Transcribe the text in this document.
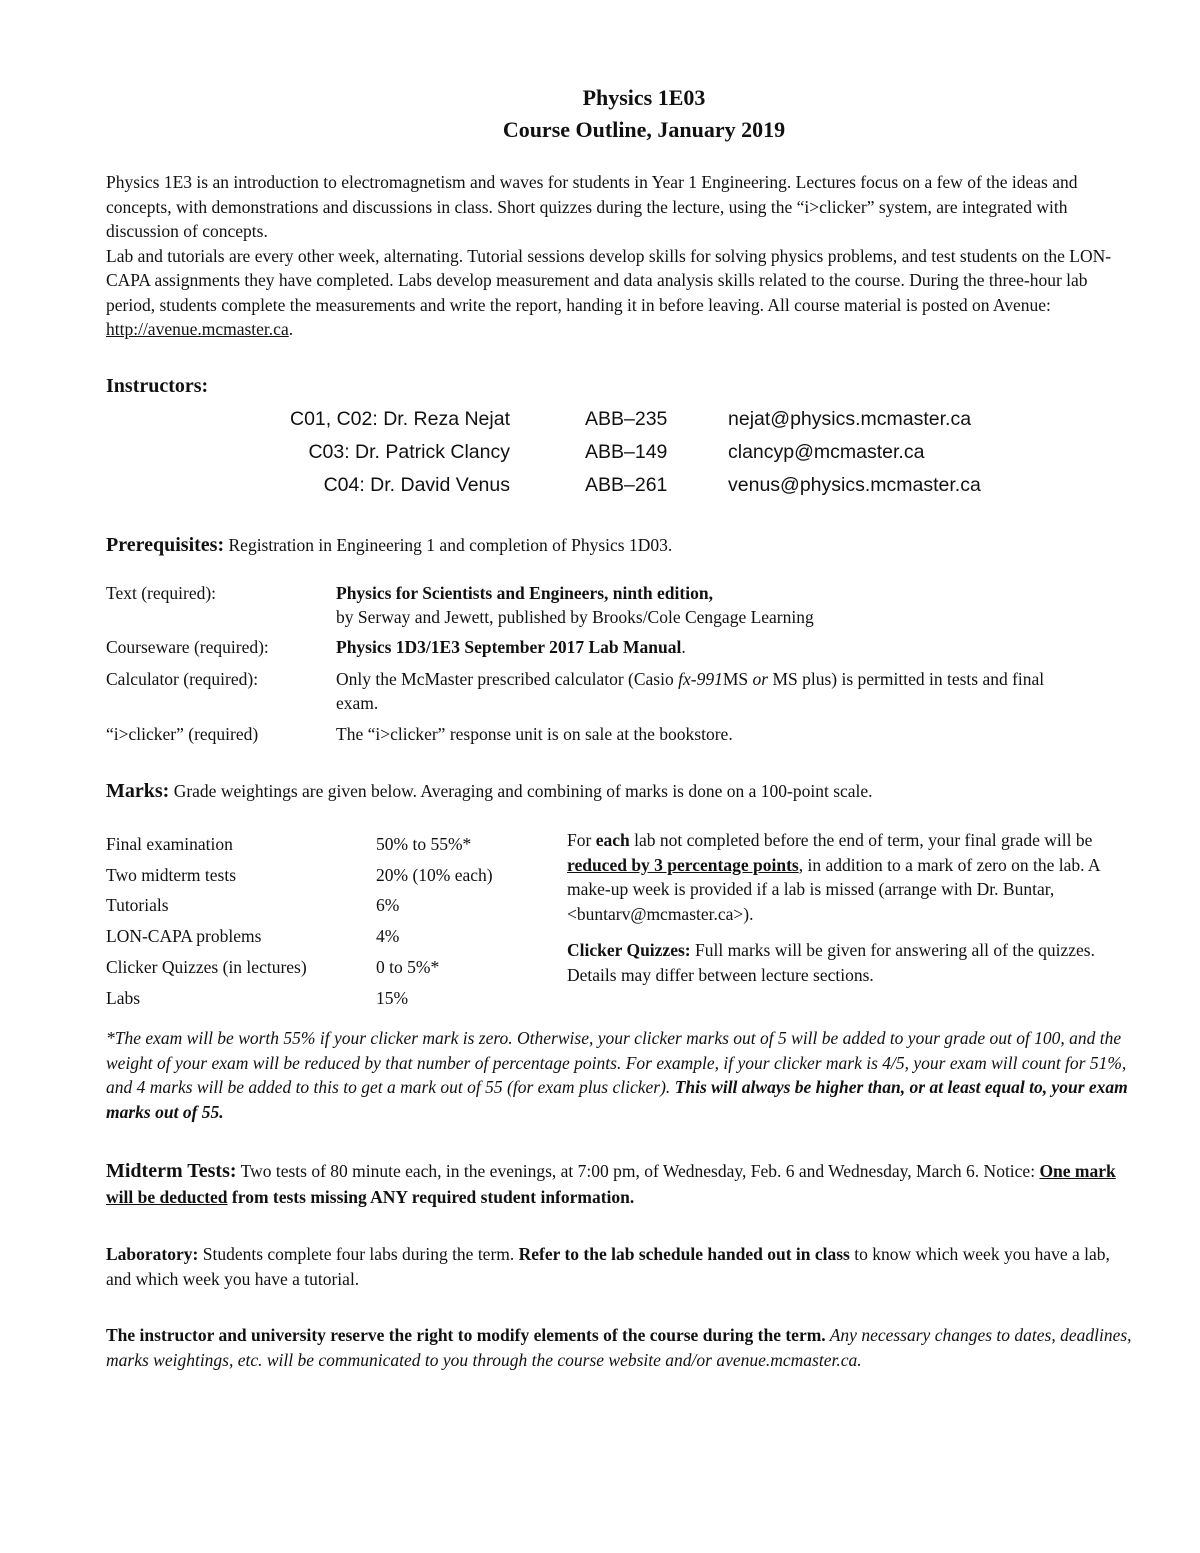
Physics 1E03
Course Outline, January 2019
Physics 1E3 is an introduction to electromagnetism and waves for students in Year 1 Engineering. Lectures focus on a few of the ideas and concepts, with demonstrations and discussions in class. Short quizzes during the lecture, using the “i>clicker” system, are integrated with discussion of concepts.
Lab and tutorials are every other week, alternating. Tutorial sessions develop skills for solving physics problems, and test students on the LON-CAPA assignments they have completed. Labs develop measurement and data analysis skills related to the course. During the three-hour lab period, students complete the measurements and write the report, handing it in before leaving. All course material is posted on Avenue: http://avenue.mcmaster.ca.
Instructors:
C01, C02: Dr. Reza Nejat	ABB–235	nejat@physics.mcmaster.ca
C03: Dr. Patrick Clancy	ABB–149	clancyp@mcmaster.ca
C04: Dr. David Venus	ABB–261	venus@physics.mcmaster.ca
Prerequisites: Registration in Engineering 1 and completion of Physics 1D03.
Text (required):	Physics for Scientists and Engineers, ninth edition,
by Serway and Jewett, published by Brooks/Cole Cengage Learning
Courseware (required):	Physics 1D3/1E3 September 2017 Lab Manual.
Calculator (required):	Only the McMaster prescribed calculator (Casio fx-991MS or MS plus) is permitted in tests and final exam.
“i>clicker” (required)	The “i>clicker” response unit is on sale at the bookstore.
Marks: Grade weightings are given below. Averaging and combining of marks is done on a 100-point scale.
Final examination	50% to 55%*
Two midterm tests	20% (10% each)
Tutorials	6%
LON-CAPA problems	4%
Clicker Quizzes (in lectures)	0 to 5%*
Labs	15%
For each lab not completed before the end of term, your final grade will be reduced by 3 percentage points, in addition to a mark of zero on the lab. A make-up week is provided if a lab is missed (arrange with Dr. Buntar, <buntarv@mcmaster.ca>).
Clicker Quizzes: Full marks will be given for answering all of the quizzes. Details may differ between lecture sections.
*The exam will be worth 55% if your clicker mark is zero. Otherwise, your clicker marks out of 5 will be added to your grade out of 100, and the weight of your exam will be reduced by that number of percentage points. For example, if your clicker mark is 4/5, your exam will count for 51%, and 4 marks will be added to this to get a mark out of 55 (for exam plus clicker). This will always be higher than, or at least equal to, your exam marks out of 55.
Midterm Tests: Two tests of 80 minute each, in the evenings, at 7:00 pm, of Wednesday, Feb. 6 and Wednesday, March 6. Notice: One mark will be deducted from tests missing ANY required student information.
Laboratory: Students complete four labs during the term. Refer to the lab schedule handed out in class to know which week you have a lab, and which week you have a tutorial.
The instructor and university reserve the right to modify elements of the course during the term. Any necessary changes to dates, deadlines, marks weightings, etc. will be communicated to you through the course website and/or avenue.mcmaster.ca.
